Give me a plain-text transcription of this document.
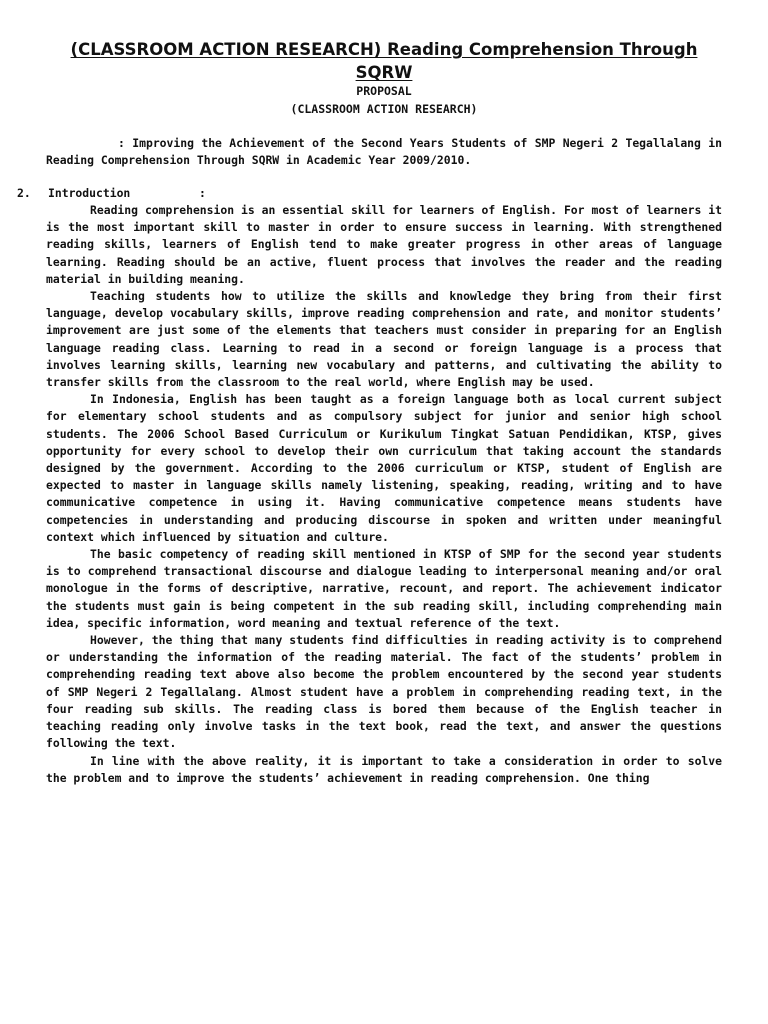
(CLASSROOM ACTION RESEARCH) Reading Comprehension Through SQRW
PROPOSAL
(CLASSROOM ACTION RESEARCH)

: Improving the Achievement of the Second Years Students of SMP Negeri 2 Tegallalang in Reading Comprehension Through SQRW in Academic Year 2009/2010.

2. Introduction	:

Reading comprehension is an essential skill for learners of English. For most of learners it is the most important skill to master in order to ensure success in learning. With strengthened reading skills, learners of English tend to make greater progress in other areas of language learning. Reading should be an active, fluent process that involves the reader and the reading material in building meaning.

Teaching students how to utilize the skills and knowledge they bring from their first language, develop vocabulary skills, improve reading comprehension and rate, and monitor students’ improvement are just some of the elements that teachers must consider in preparing for an English language reading class. Learning to read in a second or foreign language is a process that involves learning skills, learning new vocabulary and patterns, and cultivating the ability to transfer skills from the classroom to the real world, where English may be used.

In Indonesia, English has been taught as a foreign language both as local current subject for elementary school students and as compulsory subject for junior and senior high school students. The 2006 School Based Curriculum or Kurikulum Tingkat Satuan Pendidikan, KTSP, gives opportunity for every school to develop their own curriculum that taking account the standards designed by the government. According to the 2006 curriculum or KTSP, student of English are expected to master in language skills namely listening, speaking, reading, writing and to have communicative competence in using it. Having communicative competence means students have competencies in understanding and producing discourse in spoken and written under meaningful context which influenced by situation and culture.

The basic competency of reading skill mentioned in KTSP of SMP for the second year students is to comprehend transactional discourse and dialogue leading to interpersonal meaning and/or oral monologue in the forms of descriptive, narrative, recount, and report. The achievement indicator the students must gain is being competent in the sub reading skill, including comprehending main idea, specific information, word meaning and textual reference of the text.

However, the thing that many students find difficulties in reading activity is to comprehend or understanding the information of the reading material. The fact of the students’ problem in comprehending reading text above also become the problem encountered by the second year students of SMP Negeri 2 Tegallalang. Almost student have a problem in comprehending reading text, in the four reading sub skills. The reading class is bored them because of the English teacher in teaching reading only involve tasks in the text book, read the text, and answer the questions following the text.

In line with the above reality, it is important to take a consideration in order to solve the problem and to improve the students’ achievement in reading comprehension. One thing
